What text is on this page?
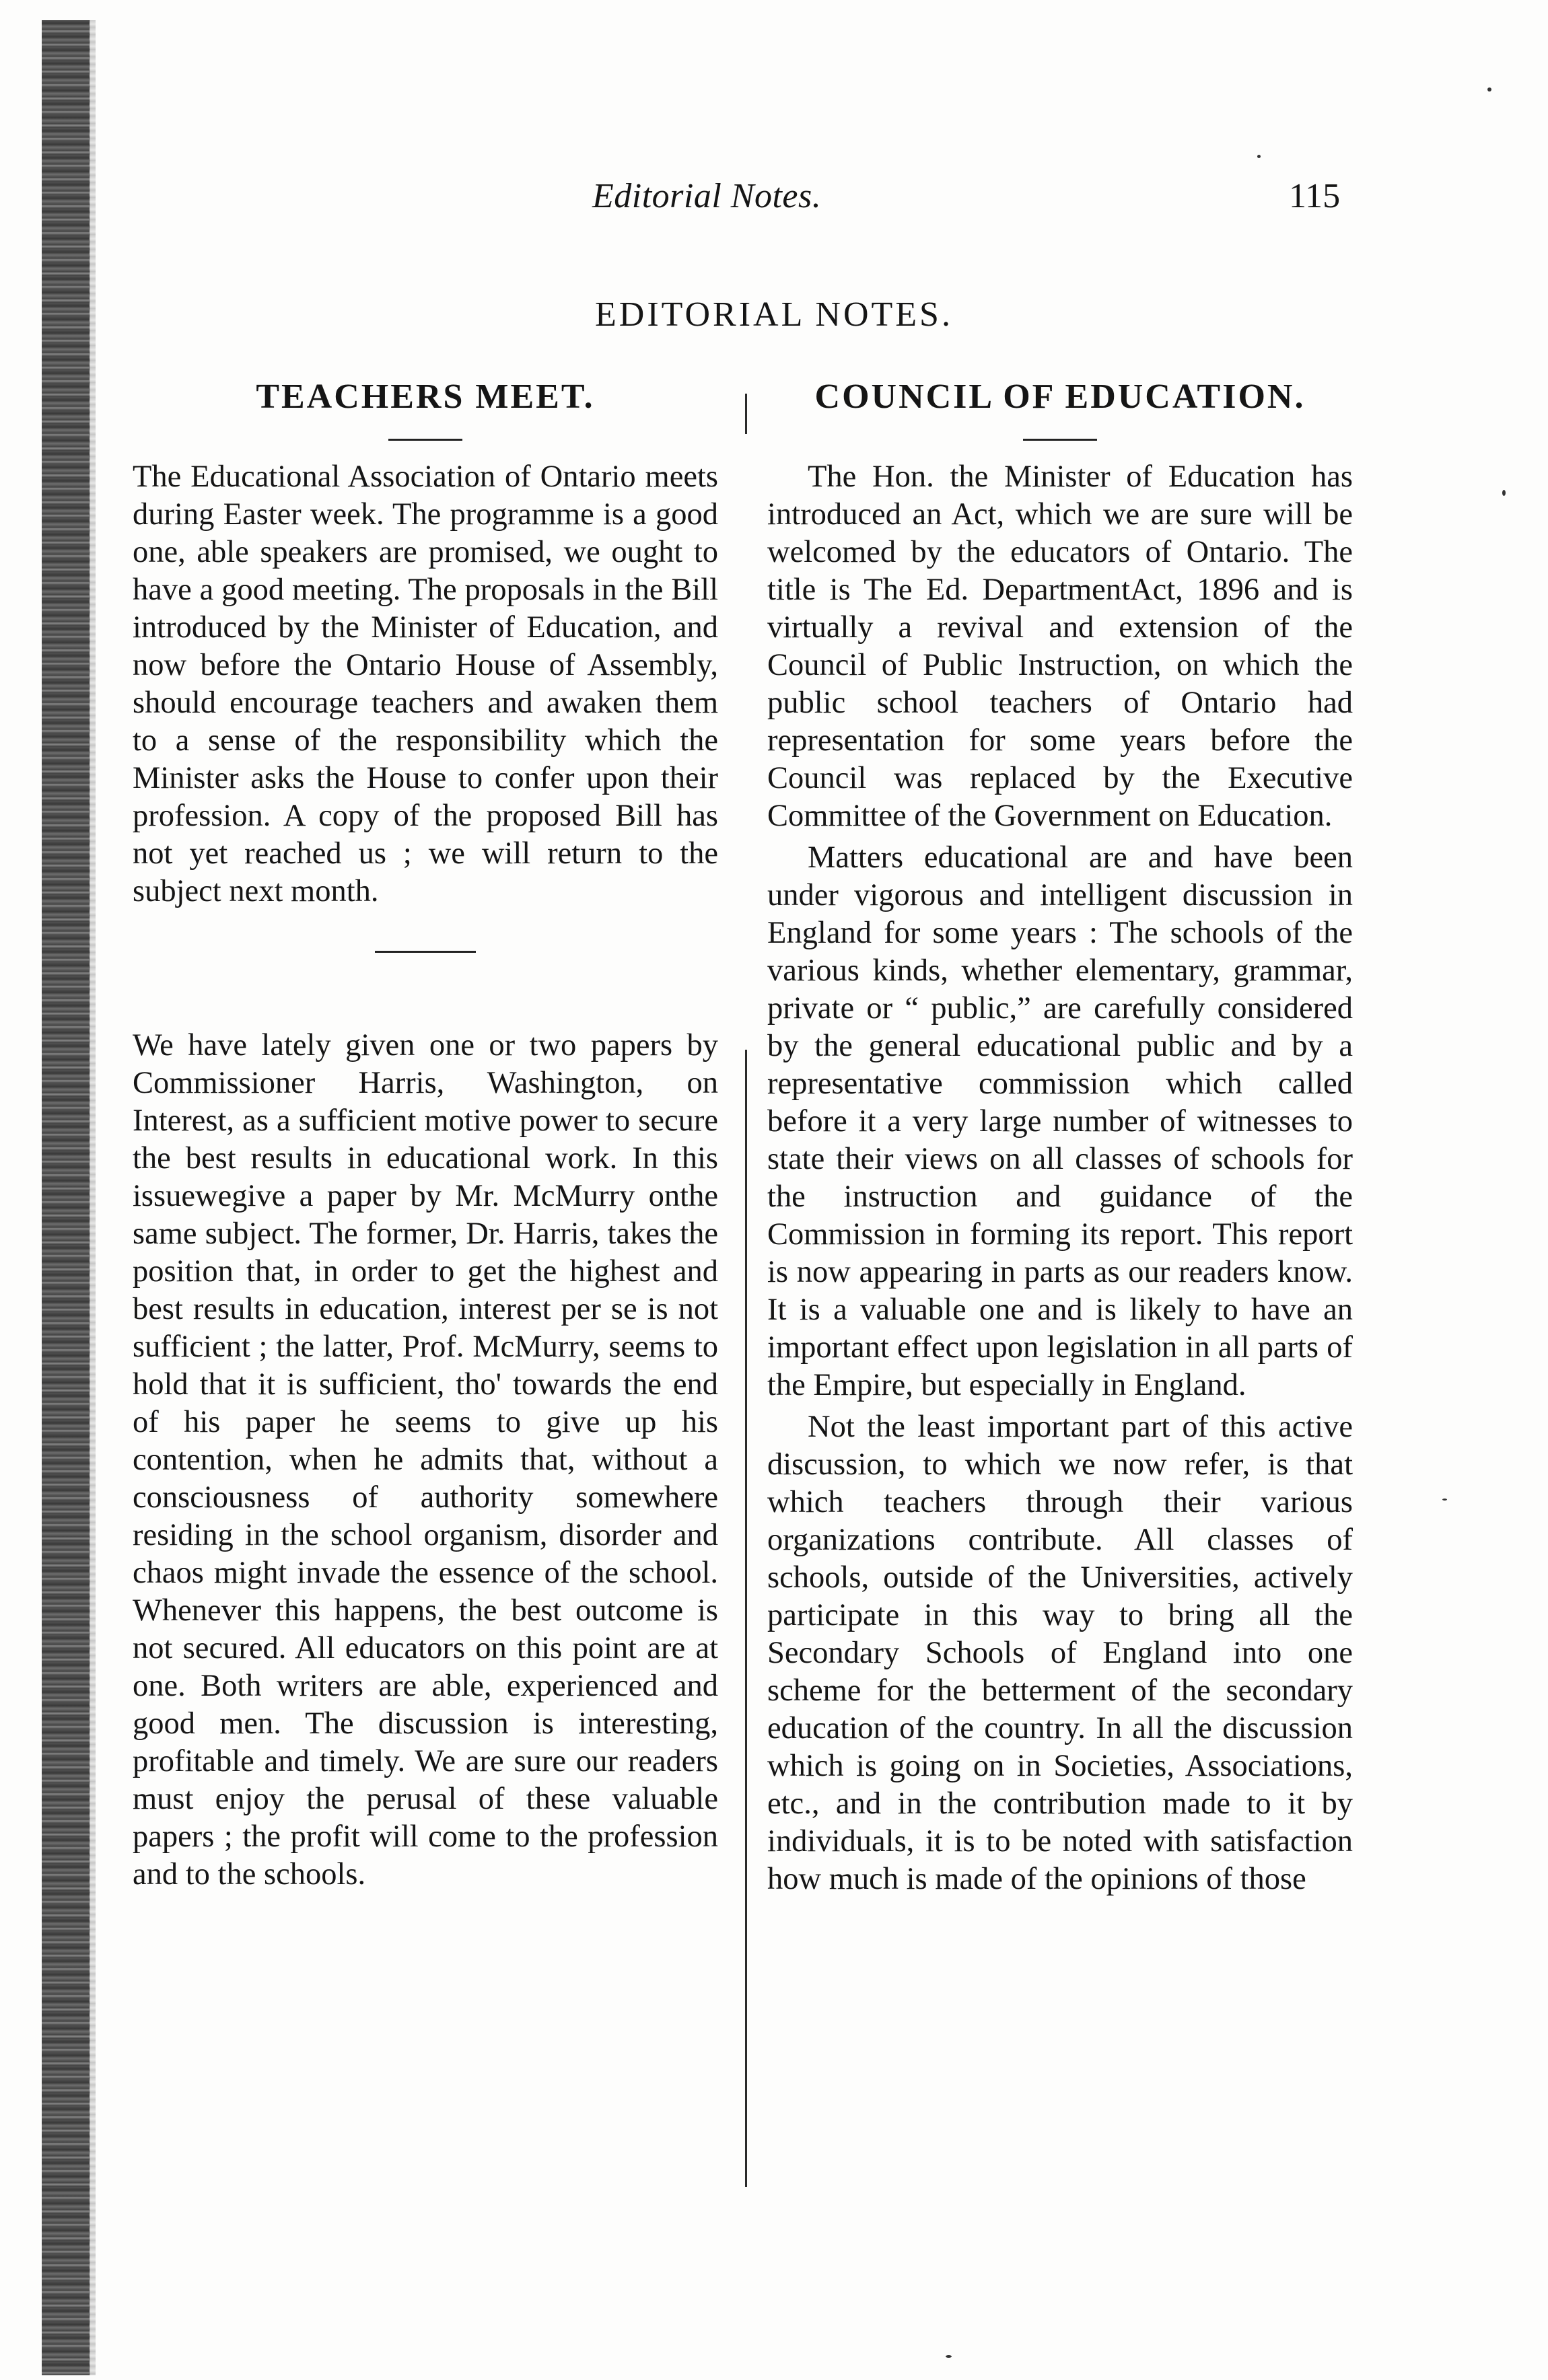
Editorial Notes.	115
EDITORIAL NOTES.
TEACHERS MEET.

The Educational Association of Ontario meets during Easter week. The programme is a good one, able speakers are promised, we ought to have a good meeting. The proposals in the Bill introduced by the Minister of Education, and now before the Ontario House of Assembly, should encourage teachers and awaken them to a sense of the responsibility which the Minister asks the House to confer upon their profession. A copy of the proposed Bill has not yet reached us ; we will return to the subject next month.

We have lately given one or two papers by Commissioner Harris, Washington, on Interest, as a sufficient motive power to secure the best results in educational work. In this issuewegive a paper by Mr. McMurry onthe same subject. The former, Dr. Harris, takes the position that, in order to get the highest and best results in education, interest per se is not sufficient ; the latter, Prof. McMurry, seems to hold that it is sufficient, tho' towards the end of his paper he seems to give up his contention, when he admits that, without a consciousness of authority somewhere residing in the school organism, disorder and chaos might invade the essence of the school. Whenever this happens, the best outcome is not secured. All educators on this point are at one. Both writers are able, experienced and good men. The discussion is interesting, profitable and timely. We are sure our readers must enjoy the perusal of these valuable papers ; the profit will come to the profession and to the schools.

COUNCIL OF EDUCATION.

The Hon. the Minister of Education has introduced an Act, which we are sure will be welcomed by the educators of Ontario. The title is The Ed. DepartmentAct, 1896 and is virtually a revival and extension of the Council of Public Instruction, on which the public school teachers of Ontario had representation for some years before the Council was replaced by the Executive Committee of the Government on Education.

Matters educational are and have been under vigorous and intelligent discussion in England for some years : The schools of the various kinds, whether elementary, grammar, private or “ public,” are carefully considered by the general educational public and by a representative commission which called before it a very large number of witnesses to state their views on all classes of schools for the instruction and guidance of the Commission in forming its report. This report is now appearing in parts as our readers know. It is a valuable one and is likely to have an important effect upon legislation in all parts of the Empire, but especially in England.

Not the least important part of this active discussion, to which we now refer, is that which teachers through their various organizations contribute. All classes of schools, outside of the Universities, actively participate in this way to bring all the Secondary Schools of England into one scheme for the betterment of the secondary education of the country. In all the discussion which is going on in Societies, Associations, etc., and in the contribution made to it by individuals, it is to be noted with satisfaction how much is made of the opinions of those
